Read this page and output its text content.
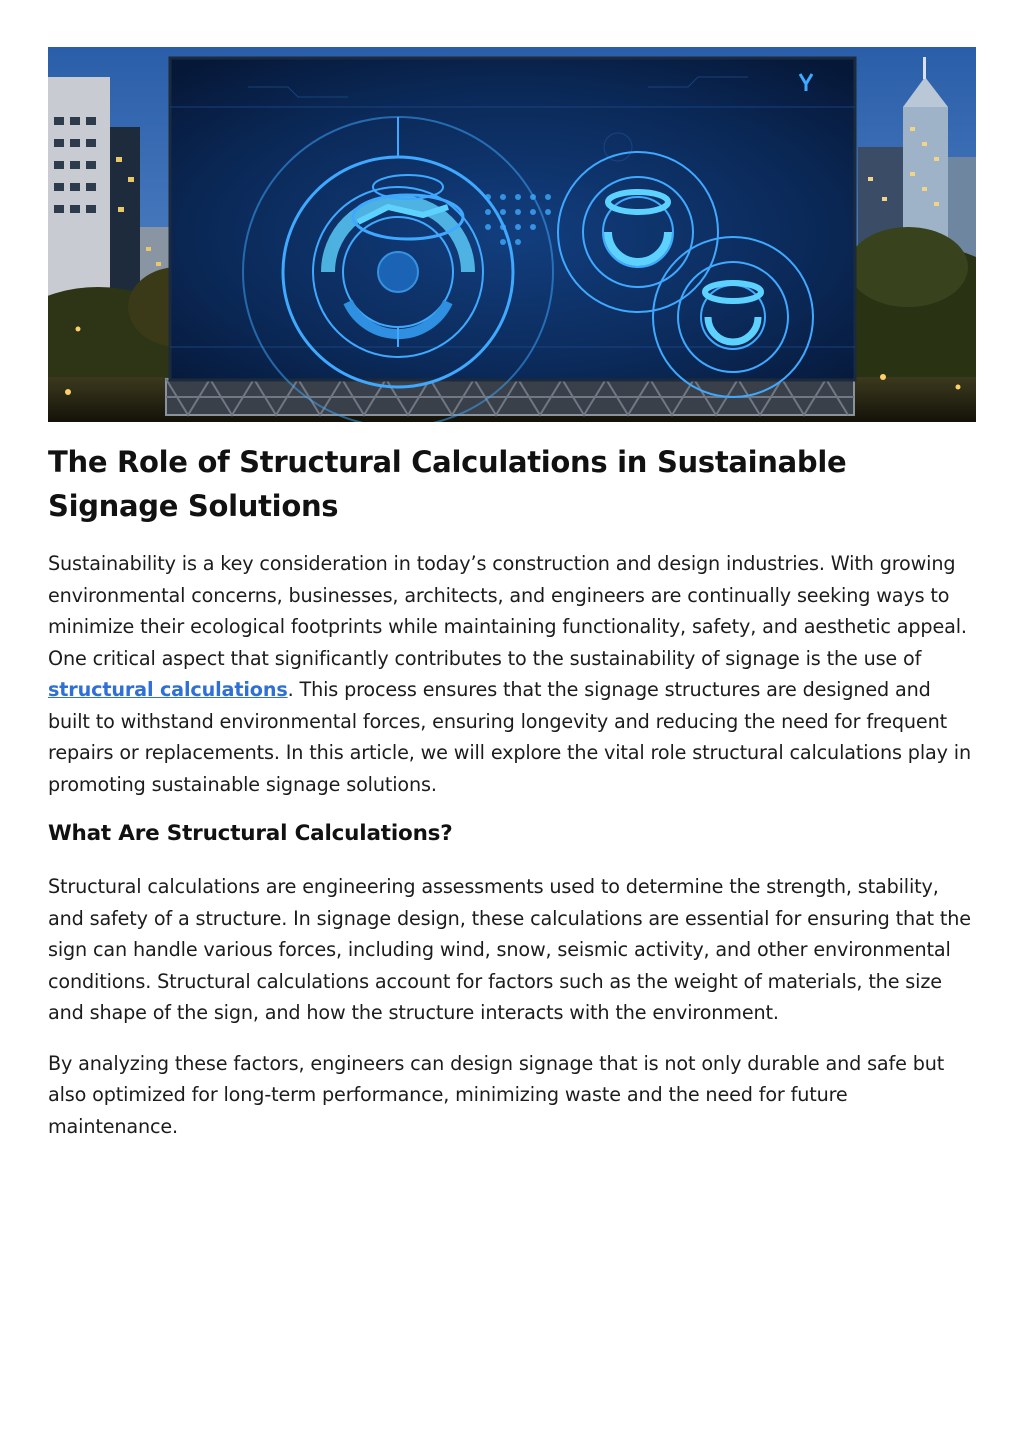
The Role of Structural Calculations in Sustainable Signage Solutions

Sustainability is a key consideration in today’s construction and design industries. With growing environmental concerns, businesses, architects, and engineers are continually seeking ways to minimize their ecological footprints while maintaining functionality, safety, and aesthetic appeal. One critical aspect that significantly contributes to the sustainability of signage is the use of structural calculations. This process ensures that the signage structures are designed and built to withstand environmental forces, ensuring longevity and reducing the need for frequent repairs or replacements. In this article, we will explore the vital role structural calculations play in promoting sustainable signage solutions.

What Are Structural Calculations?

Structural calculations are engineering assessments used to determine the strength, stability, and safety of a structure. In signage design, these calculations are essential for ensuring that the sign can handle various forces, including wind, snow, seismic activity, and other environmental conditions. Structural calculations account for factors such as the weight of materials, the size and shape of the sign, and how the structure interacts with the environment.

By analyzing these factors, engineers can design signage that is not only durable and safe but also optimized for long-term performance, minimizing waste and the need for future maintenance.
